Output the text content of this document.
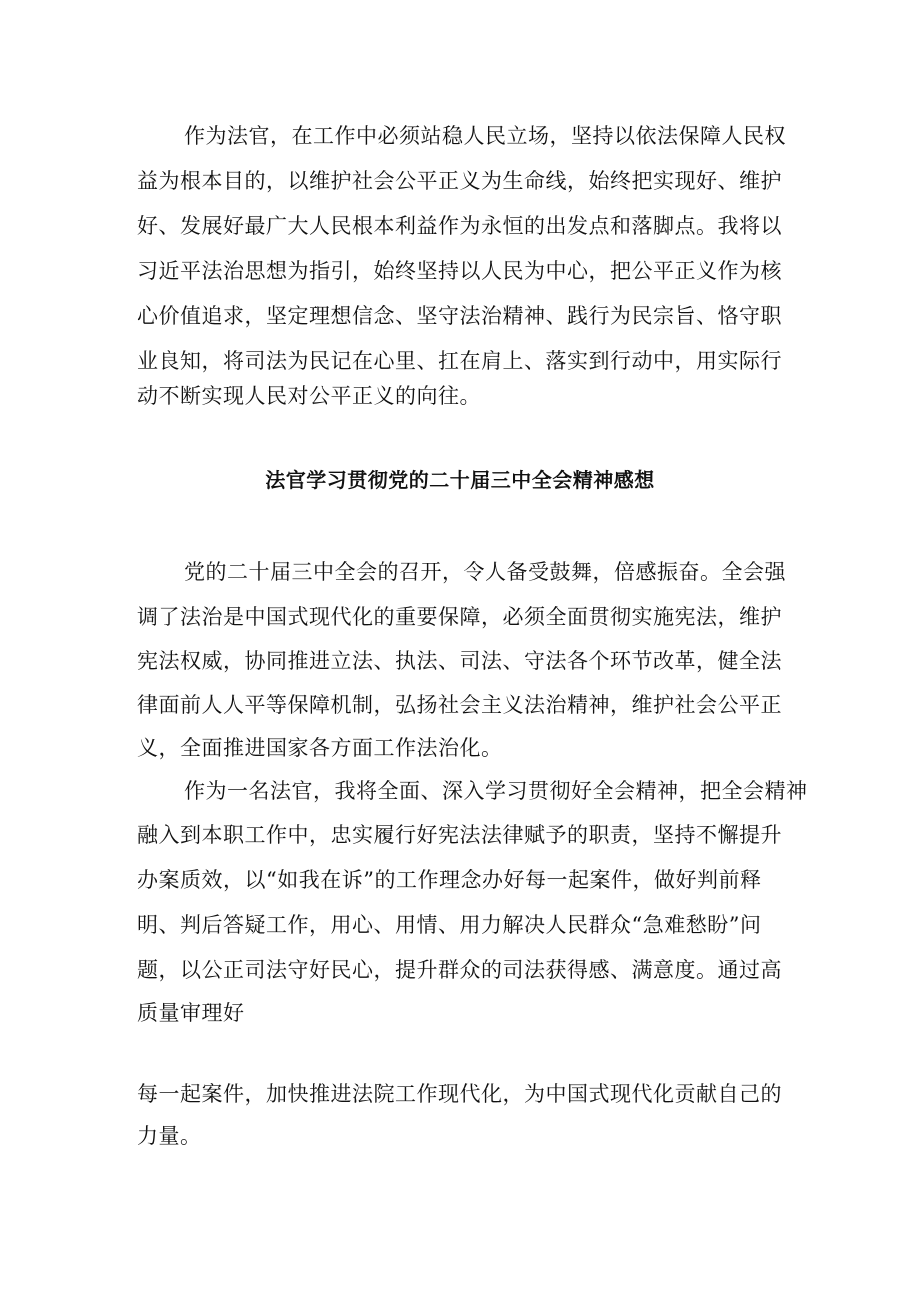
作为法官，在工作中必须站稳人民立场，坚持以依法保障人民权
益为根本目的，以维护社会公平正义为生命线，始终把实现好、维护
好、发展好最广大人民根本利益作为永恒的出发点和落脚点。我将以
习近平法治思想为指引，始终坚持以人民为中心，把公平正义作为核
心价值追求，坚定理想信念、坚守法治精神、践行为民宗旨、恪守职
业良知，将司法为民记在心里、扛在肩上、落实到行动中，用实际行
动不断实现人民对公平正义的向往。
法官学习贯彻党的二十届三中全会精神感想
党的二十届三中全会的召开，令人备受鼓舞，倍感振奋。全会强
调了法治是中国式现代化的重要保障，必须全面贯彻实施宪法，维护
宪法权威，协同推进立法、执法、司法、守法各个环节改革，健全法
律面前人人平等保障机制，弘扬社会主义法治精神，维护社会公平正
义，全面推进国家各方面工作法治化。
作为一名法官，我将全面、深入学习贯彻好全会精神，把全会精神
融入到本职工作中，忠实履行好宪法法律赋予的职责，坚持不懈提升
办案质效，以“如我在诉”的工作理念办好每一起案件，做好判前释
明、判后答疑工作，用心、用情、用力解决人民群众“急难愁盼”问
题，以公正司法守好民心，提升群众的司法获得感、满意度。通过高
质量审理好
每一起案件，加快推进法院工作现代化，为中国式现代化贡献自己的
力量。
